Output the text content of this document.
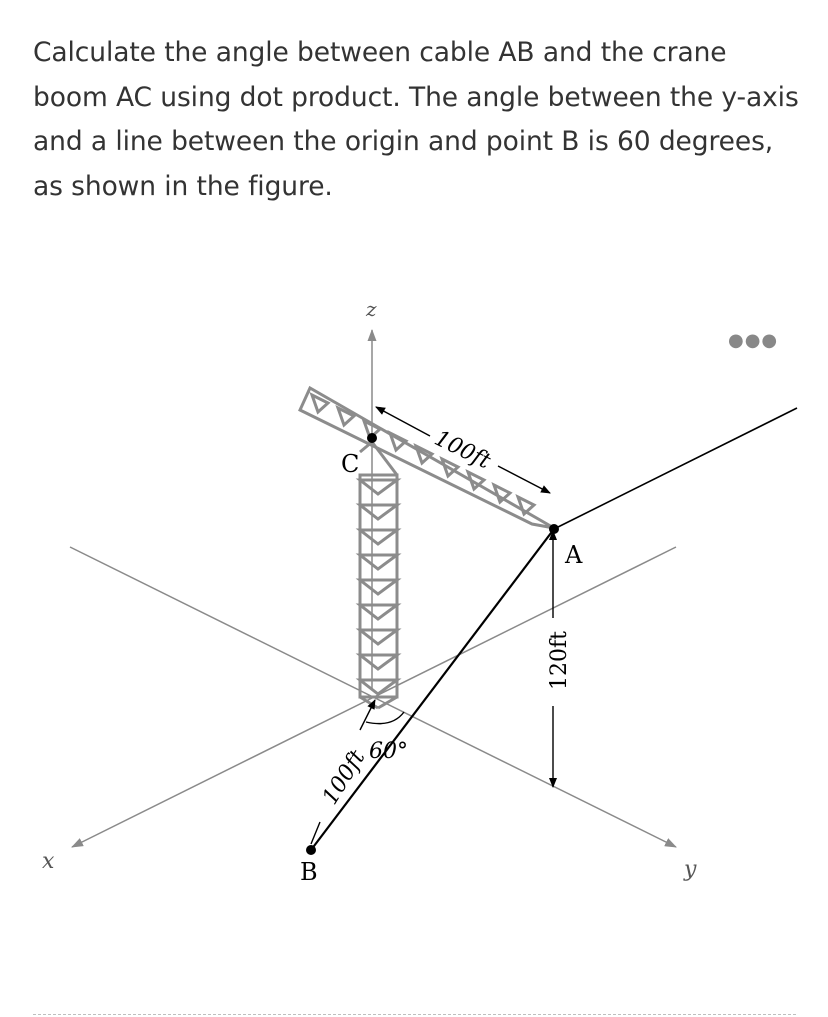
Calculate the angle between cable AB and the crane boom AC using dot product. The angle between the y-axis and a line between the origin and point B is 60 degrees, as shown in the figure.

●●●
z
x	y
A
B
C	100ft
120ft
100ft
60°
